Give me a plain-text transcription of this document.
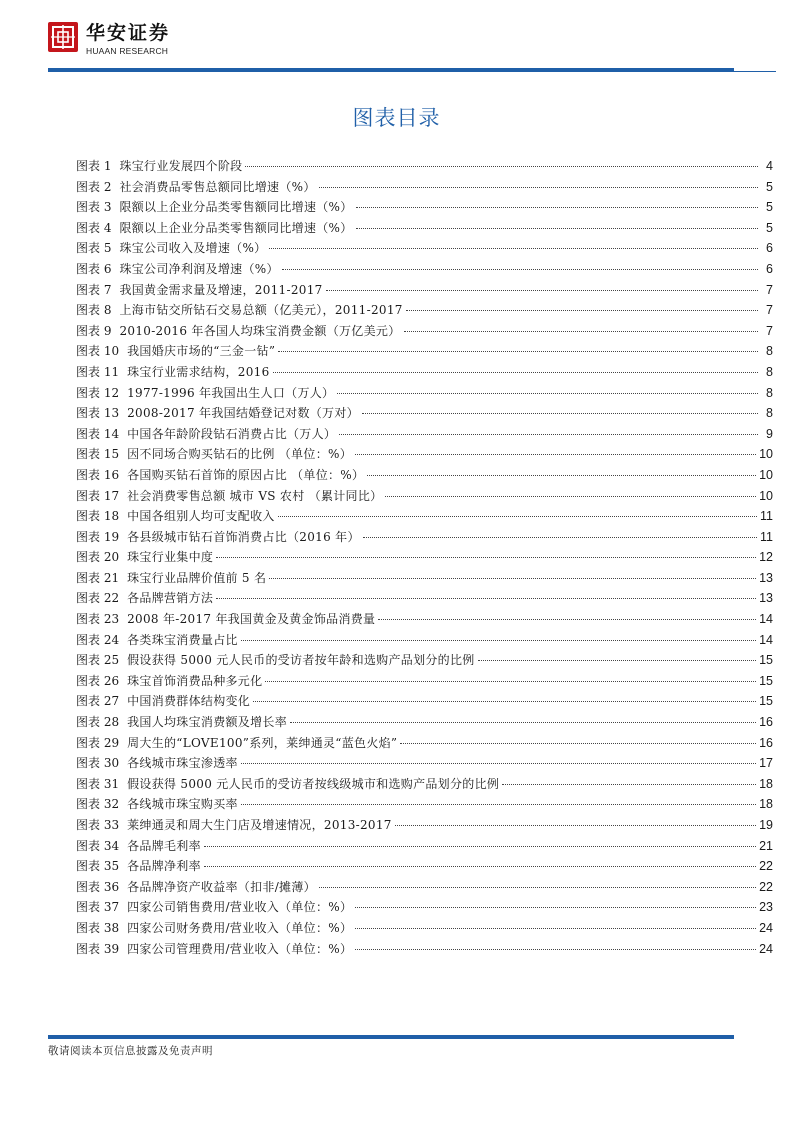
华安证券
HUAAN RESEARCH
图表目录
图表 1 珠宝行业发展四个阶段	4
图表 2 社会消费品零售总额同比增速（%）	5
图表 3 限额以上企业分品类零售额同比增速（%）	5
图表 4 限额以上企业分品类零售额同比增速（%）	5
图表 5 珠宝公司收入及增速（%）	6
图表 6 珠宝公司净利润及增速（%）	6
图表 7 我国黄金需求量及增速，2011-2017	7
图表 8 上海市钻交所钻石交易总额（亿美元），2011-2017	7
图表 9 2010-2016 年各国人均珠宝消费金额（万亿美元）	7
图表 10 我国婚庆市场的“三金一钻”	8
图表 11 珠宝行业需求结构，2016	8
图表 12 1977-1996 年我国出生人口（万人）	8
图表 13 2008-2017 年我国结婚登记对数（万对）	8
图表 14 中国各年龄阶段钻石消费占比（万人）	9
图表 15 因不同场合购买钻石的比例 （单位：%）	10
图表 16 各国购买钻石首饰的原因占比 （单位：%）	10
图表 17 社会消费零售总额 城市 VS 农村 （累计同比）	10
图表 18 中国各组别人均可支配收入	11
图表 19 各县级城市钻石首饰消费占比（2016 年）	11
图表 20 珠宝行业集中度	12
图表 21 珠宝行业品牌价值前 5 名	13
图表 22 各品牌营销方法	13
图表 23 2008 年-2017 年我国黄金及黄金饰品消费量	14
图表 24 各类珠宝消费量占比	14
图表 25 假设获得 5000 元人民币的受访者按年龄和选购产品划分的比例	15
图表 26 珠宝首饰消费品种多元化	15
图表 27 中国消费群体结构变化	15
图表 28 我国人均珠宝消费额及增长率	16
图表 29 周大生的“LOVE100”系列，莱绅通灵“蓝色火焰”	16
图表 30 各线城市珠宝渗透率	17
图表 31 假设获得 5000 元人民币的受访者按线级城市和选购产品划分的比例	18
图表 32 各线城市珠宝购买率	18
图表 33 莱绅通灵和周大生门店及增速情况，2013-2017	19
图表 34 各品牌毛利率	21
图表 35 各品牌净利率	22
图表 36 各品牌净资产收益率（扣非/摊薄）	22
图表 37 四家公司销售费用/营业收入（单位：%）	23
图表 38 四家公司财务费用/营业收入（单位：%）	24
图表 39 四家公司管理费用/营业收入（单位：%）	24
敬请阅读本页信息披露及免责声明
